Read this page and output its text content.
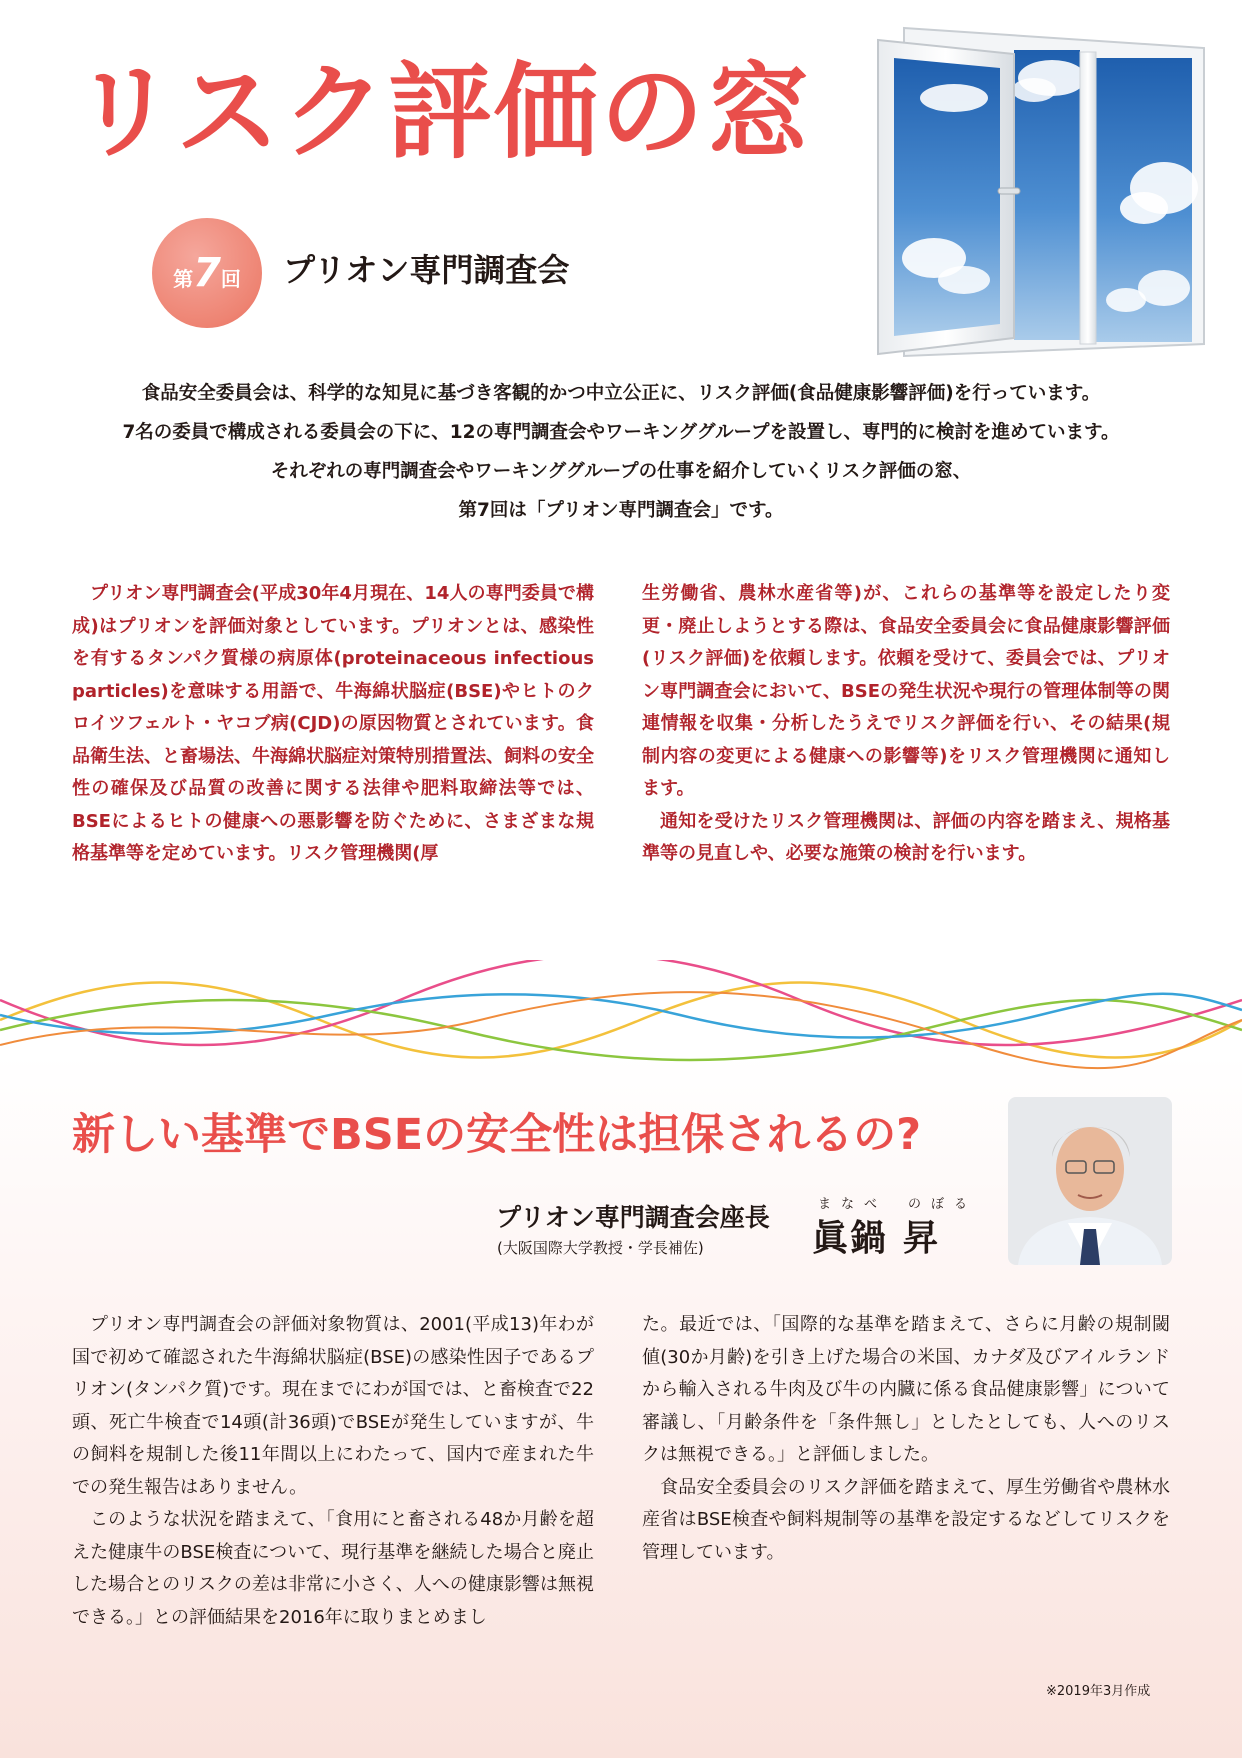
リスク評価の窓
第7回	プリオン専門調査会

食品安全委員会は、科学的な知見に基づき客観的かつ中立公正に、リスク評価(食品健康影響評価)を行っています。

7名の委員で構成される委員会の下に、12の専門調査会やワーキンググループを設置し、専門的に検討を進めています。

それぞれの専門調査会やワーキンググループの仕事を紹介していくリスク評価の窓、

第7回は「プリオン専門調査会」です。

プリオン専門調査会(平成30年4月現在、14人の専門委員で構成)はプリオンを評価対象としています。プリオンとは、感染性を有するタンパク質様の病原体(proteinaceous infectious particles)を意味する用語で、牛海綿状脳症(BSE)やヒトのクロイツフェルト・ヤコブ病(CJD)の原因物質とされています。食品衛生法、と畜場法、牛海綿状脳症対策特別措置法、飼料の安全性の確保及び品質の改善に関する法律や肥料取締法等では、BSEによるヒトの健康への悪影響を防ぐために、さまざまな規格基準等を定めています。リスク管理機関(厚

生労働省、農林水産省等)が、これらの基準等を設定したり変更・廃止しようとする際は、食品安全委員会に食品健康影響評価(リスク評価)を依頼します。依頼を受けて、委員会では、プリオン専門調査会において、BSEの発生状況や現行の管理体制等の関連情報を収集・分析したうえでリスク評価を行い、その結果(規制内容の変更による健康への影響等)をリスク管理機関に通知します。

通知を受けたリスク管理機関は、評価の内容を踏まえ、規格基準等の見直しや、必要な施策の検討を行います。

新しい基準でBSEの安全性は担保されるの?
プリオン専門調査会座長
(大阪国際大学教授・学長補佐)
まなべ のぼる
眞鍋 昇

プリオン専門調査会の評価対象物質は、2001(平成13)年わが国で初めて確認された牛海綿状脳症(BSE)の感染性因子であるプリオン(タンパク質)です。現在までにわが国では、と畜検査で22頭、死亡牛検査で14頭(計36頭)でBSEが発生していますが、牛の飼料を規制した後11年間以上にわたって、国内で産まれた牛での発生報告はありません。

このような状況を踏まえて、「食用にと畜される48か月齢を超えた健康牛のBSE検査について、現行基準を継続した場合と廃止した場合とのリスクの差は非常に小さく、人への健康影響は無視できる。」との評価結果を2016年に取りまとめまし

た。最近では、「国際的な基準を踏まえて、さらに月齢の規制閾値(30か月齢)を引き上げた場合の米国、カナダ及びアイルランドから輸入される牛肉及び牛の内臓に係る食品健康影響」について審議し、「月齢条件を「条件無し」としたとしても、人へのリスクは無視できる。」と評価しました。

食品安全委員会のリスク評価を踏まえて、厚生労働省や農林水産省はBSE検査や飼料規制等の基準を設定するなどしてリスクを管理しています。

※2019年3月作成
